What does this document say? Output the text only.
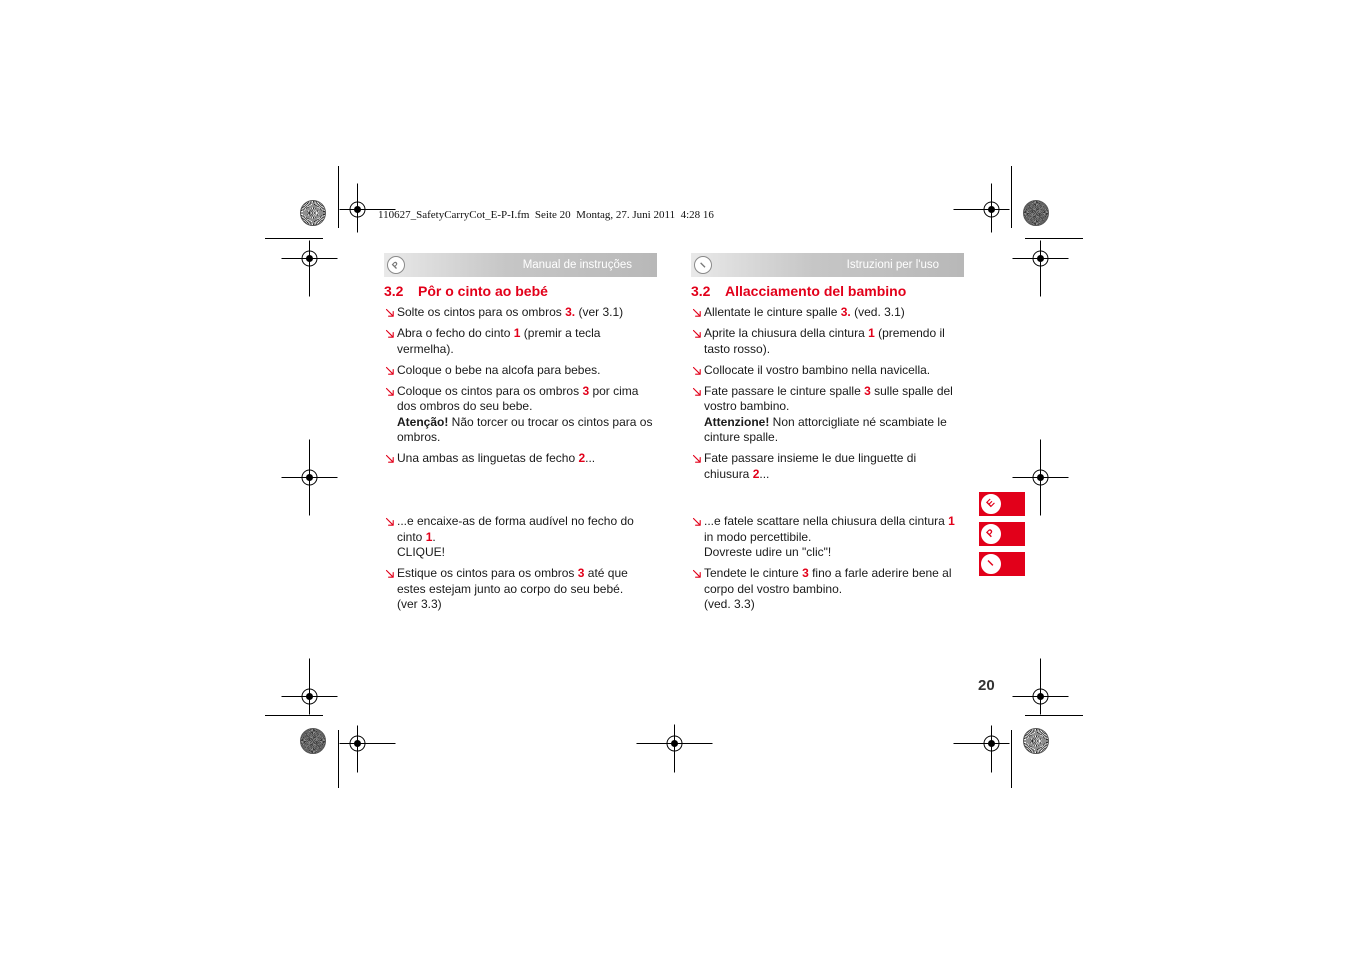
110627_SafetyCarryCot_E-P-I.fm  Seite 20  Montag, 27. Juni 2011  4:28 16
P	Manual de instruções
3.2 Pôr o cinto ao bebé
Solte os cintos para os ombros 3. (ver 3.1)
Abra o fecho do cinto 1 (premir a tecla
vermelha).
Coloque o bebe na alcofa para bebes.
Coloque os cintos para os ombros 3 por cima
dos ombros do seu bebe.
Atenção! Não torcer ou trocar os cintos para os
ombros.
Una ambas as linguetas de fecho 2...
...e encaixe-as de forma audível no fecho do
cinto 1.
CLIQUE!
Estique os cintos para os ombros 3 até que
estes estejam junto ao corpo do seu bebé.
(ver 3.3)
I	Istruzioni per l'uso
3.2 Allacciamento del bambino
Allentate le cinture spalle 3. (ved. 3.1)
Aprite la chiusura della cintura 1 (premendo il
tasto rosso).
Collocate il vostro bambino nella navicella.
Fate passare le cinture spalle 3 sulle spalle del
vostro bambino.
Attenzione! Non attorcigliate né scambiate le
cinture spalle.
Fate passare insieme le due linguette di
chiusura 2...
...e fatele scattare nella chiusura della cintura 1
in modo percettibile.
Dovreste udire un "clic"!
Tendete le cinture 3 fino a farle aderire bene al
corpo del vostro bambino.
(ved. 3.3)
E
P
I
20
